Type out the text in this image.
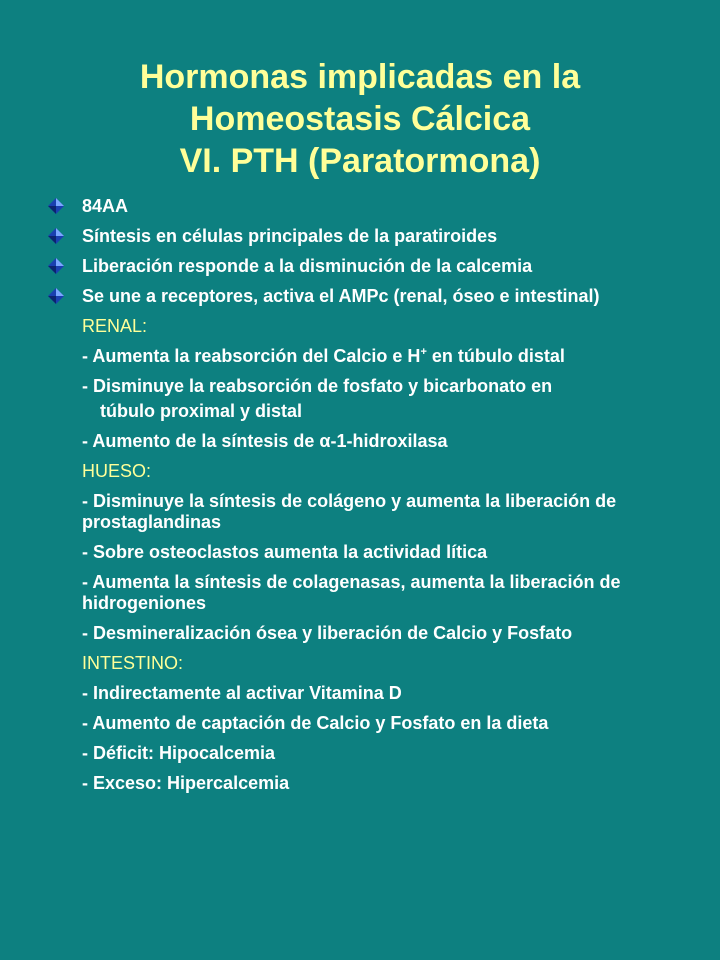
Hormonas implicadas en la
Homeostasis Cálcica
VI. PTH (Paratormona)
84AA
Síntesis en células principales de la paratiroides
Liberación responde a la disminución de la calcemia
Se une a receptores, activa el AMPc (renal, óseo e intestinal)
RENAL:
- Aumenta la reabsorción del Calcio e H+ en túbulo distal
- Disminuye la reabsorción de fosfato y bicarbonato en
túbulo proximal y distal
- Aumento de la síntesis de α-1-hidroxilasa
HUESO:
- Disminuye la síntesis de colágeno y aumenta la liberación de prostaglandinas
- Sobre osteoclastos aumenta la actividad lítica
- Aumenta la síntesis de colagenasas, aumenta la liberación de hidrogeniones
- Desmineralización ósea y liberación de Calcio y Fosfato
INTESTINO:
- Indirectamente al activar Vitamina D
- Aumento de captación de Calcio y Fosfato en la dieta
- Déficit: Hipocalcemia
- Exceso: Hipercalcemia
